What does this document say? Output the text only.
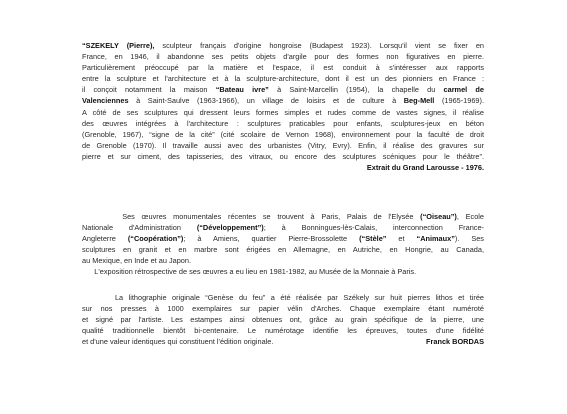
“SZEKELY (Pierre), sculpteur français d'origine hongroise (Budapest 1923). Lorsqu'il vient se fixer en

France, en 1946, il abandonne ses petits objets d'argile pour des formes non figuratives en pierre.

Particulièrement préoccupé par la matière et l'espace, il est conduit à s'intéresser aux rapports

entre la sculpture et l'architecture et à la sculpture-architecture, dont il est un des pionniers en France :

il conçoit notamment la maison “Bateau ivre” à Saint-Marcellin (1954), la chapelle du carmel de

Valenciennes à Saint-Saulve (1963-1966), un village de loisirs et de culture à Beg-Mell (1965-1969).

A côté de ses sculptures qui dressent leurs formes simples et rudes comme de vastes signes, il réalise

des œuvres intégrées à l'architecture : sculptures praticables pour enfants, sculptures-jeux en béton

(Grenoble, 1967), “signe de la cité” (cité scolaire de Vernon 1968), environnement pour la faculté de droit

de Grenoble (1970). Il travaille aussi avec des urbanistes (Vitry, Evry). Enfin, il réalise des gravures sur

pierre et sur ciment, des tapisseries, des vitraux, ou encore des sculptures scéniques pour le théâtre”.

Extrait du Grand Larousse - 1976.

Ses œuvres monumentales récentes se trouvent à Paris, Palais de l'Elysée (“Oiseau”), Ecole

Nationale d'Administration (“Développement”); à Bonningues-lès-Calais, interconnection France-

Angleterre (“Coopération”); à Amiens, quartier Pierre-Brossolette (“Stèle” et “Animaux”). Ses

sculptures en granit et en marbre sont érigées en Allemagne, en Autriche, en Hongrie, au Canada,

au Mexique, en Inde et au Japon.

L'exposition rétrospective de ses œuvres a eu lieu en 1981-1982, au Musée de la Monnaie à Paris.

La lithographie originale “Genèse du feu” a été réalisée par Székely sur huit pierres lithos et tirée

sur nos presses à 1000 exemplaires sur papier vélin d'Arches. Chaque exemplaire étant numéroté

et signé par l'artiste. Les estampes ainsi obtenues ont, grâce au grain spécifique de la pierre, une

qualité traditionnelle bientôt bi-centenaire. Le numérotage identifie les épreuves, toutes d'une fidélité

et d'une valeur identiques qui constituent l'édition originale.	Franck BORDAS
